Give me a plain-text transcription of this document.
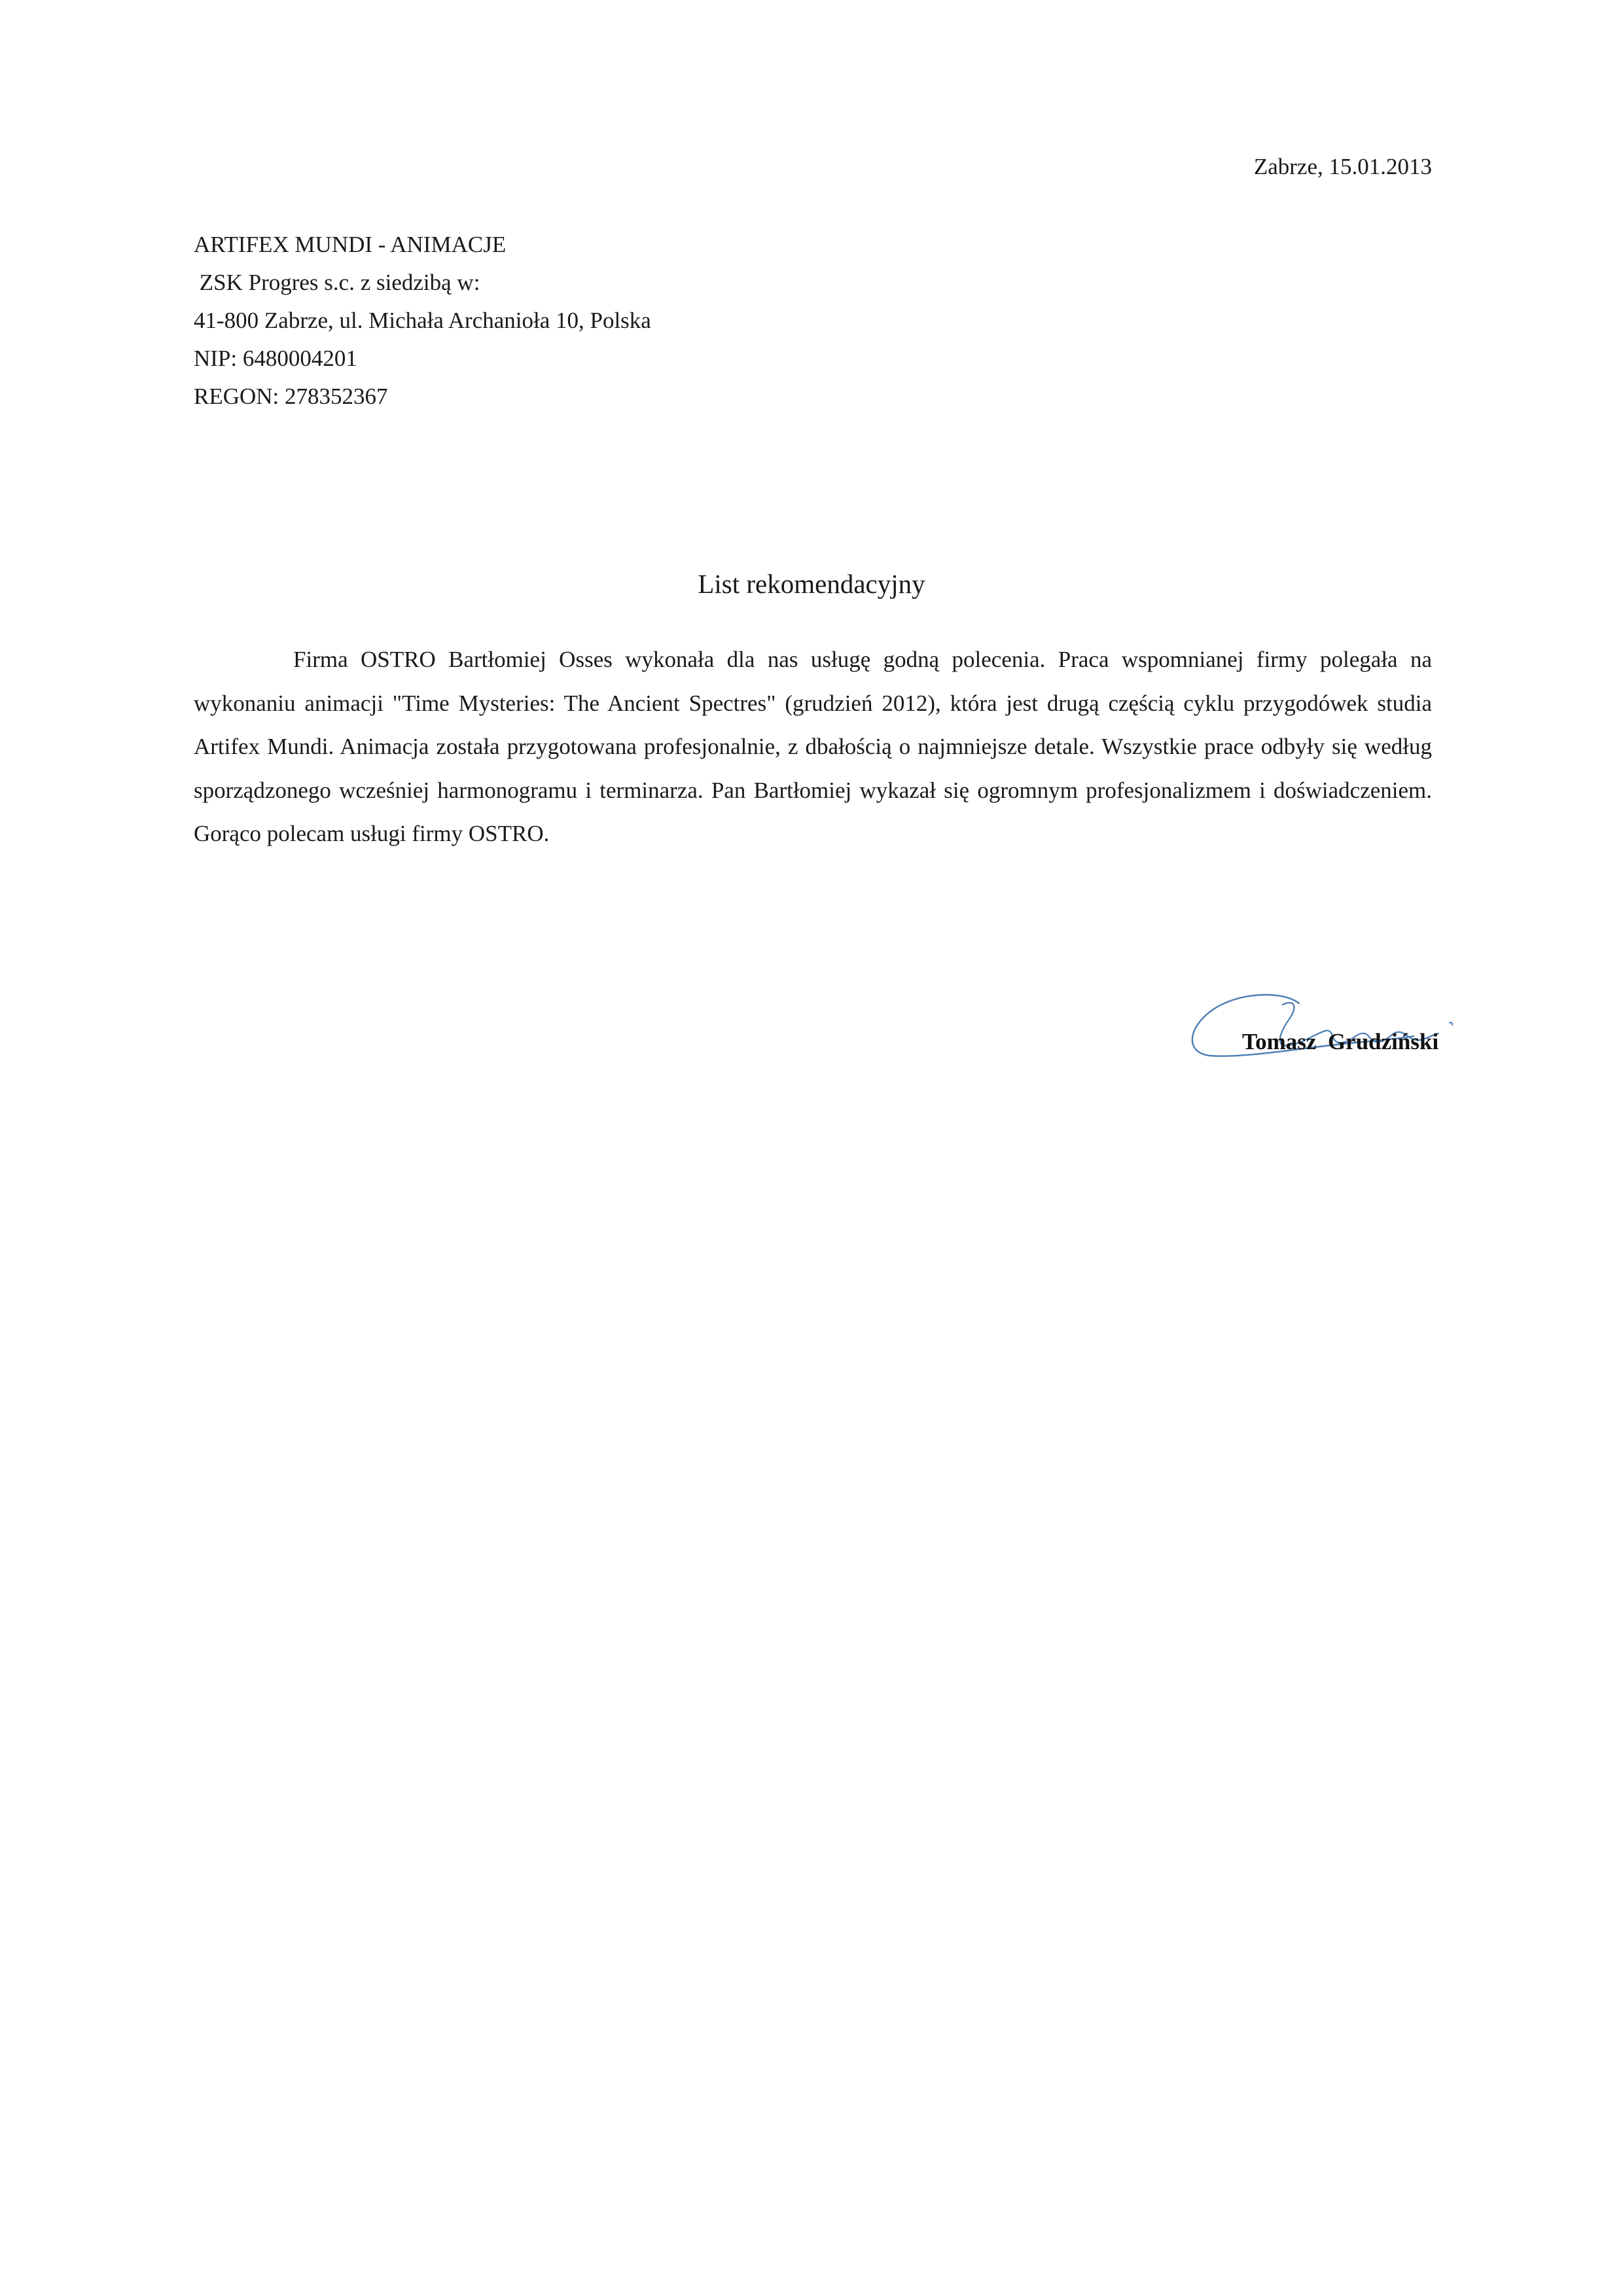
Zabrze, 15.01.2013
ARTIFEX MUNDI - ANIMACJE
ZSK Progres s.c. z siedzibą w:
41-800 Zabrze, ul. Michała Archanioła 10, Polska
NIP: 6480004201
REGON: 278352367
List rekomendacyjny

Firma OSTRO Bartłomiej Osses wykonała dla nas usługę godną polecenia. Praca wspomnianej firmy polegała na wykonaniu animacji "Time Mysteries: The Ancient Spectres" (grudzień 2012), która jest drugą częścią cyklu przygodówek studia Artifex Mundi. Animacja została przygotowana profesjonalnie, z dbałością o najmniejsze detale. Wszystkie prace odbyły się według sporządzonego wcześniej harmonogramu i terminarza. Pan Bartłomiej wykazał się ogromnym profesjonalizmem i doświadczeniem. Gorąco polecam usługi firmy OSTRO.

Tomasz  Grudziński
